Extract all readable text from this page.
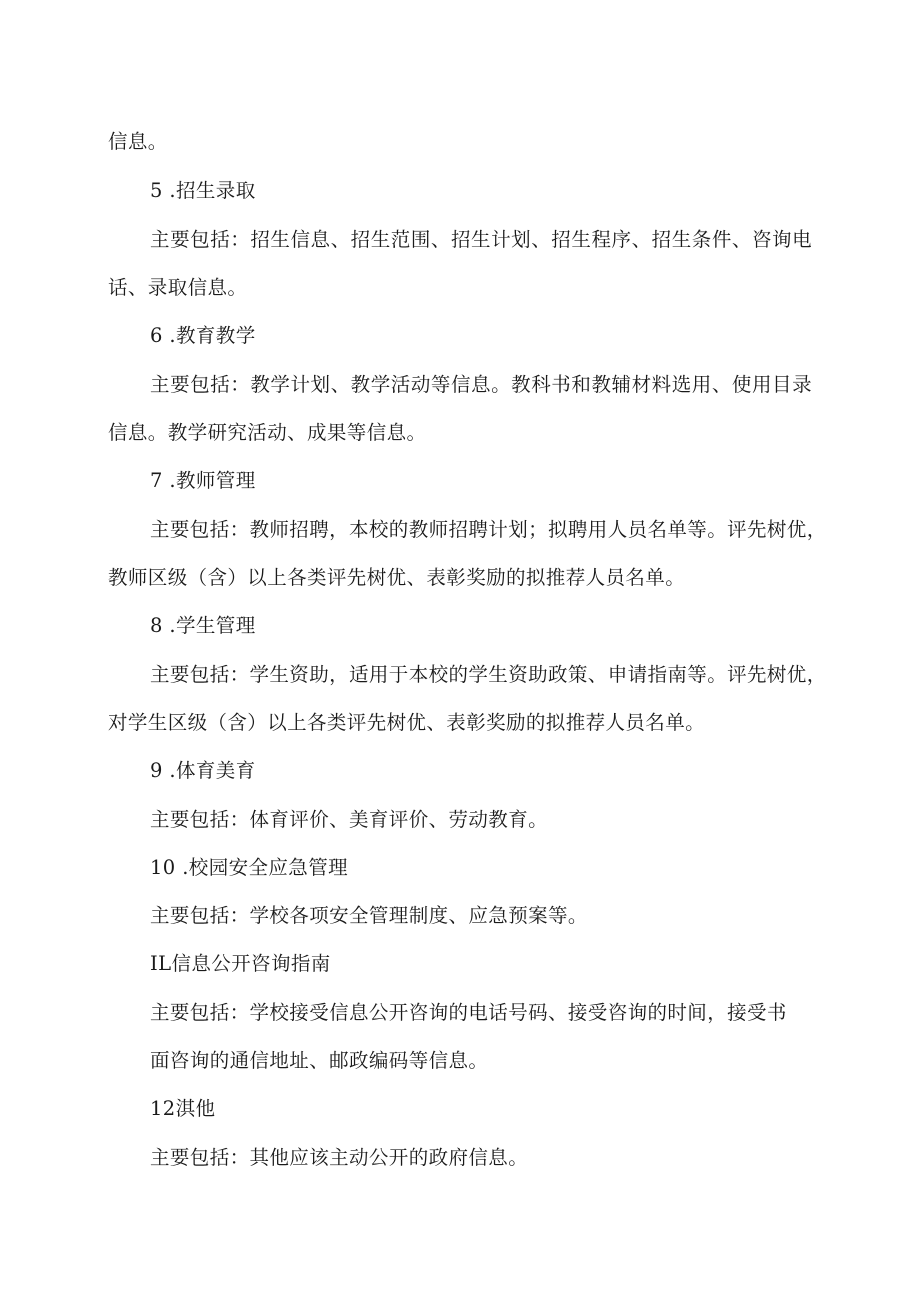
信息。
5 .招生录取
主要包括：招生信息、招生范围、招生计划、招生程序、招生条件、咨询电
话、录取信息。
6 .教育教学
主要包括：教学计划、教学活动等信息。教科书和教辅材料选用、使用目录
信息。教学研究活动、成果等信息。
7 .教师管理
主要包括：教师招聘，本校的教师招聘计划；拟聘用人员名单等。评先树优，
教师区级（含）以上各类评先树优、表彰奖励的拟推荐人员名单。
8 .学生管理
主要包括：学生资助，适用于本校的学生资助政策、申请指南等。评先树优，
对学生区级（含）以上各类评先树优、表彰奖励的拟推荐人员名单。
9 .体育美育
主要包括：体育评价、美育评价、劳动教育。
10 .校园安全应急管理
主要包括：学校各项安全管理制度、应急预案等。
IL信息公开咨询指南
主要包括：学校接受信息公开咨询的电话号码、接受咨询的时间，接受书
面咨询的通信地址、邮政编码等信息。
12淇他
主要包括：其他应该主动公开的政府信息。
